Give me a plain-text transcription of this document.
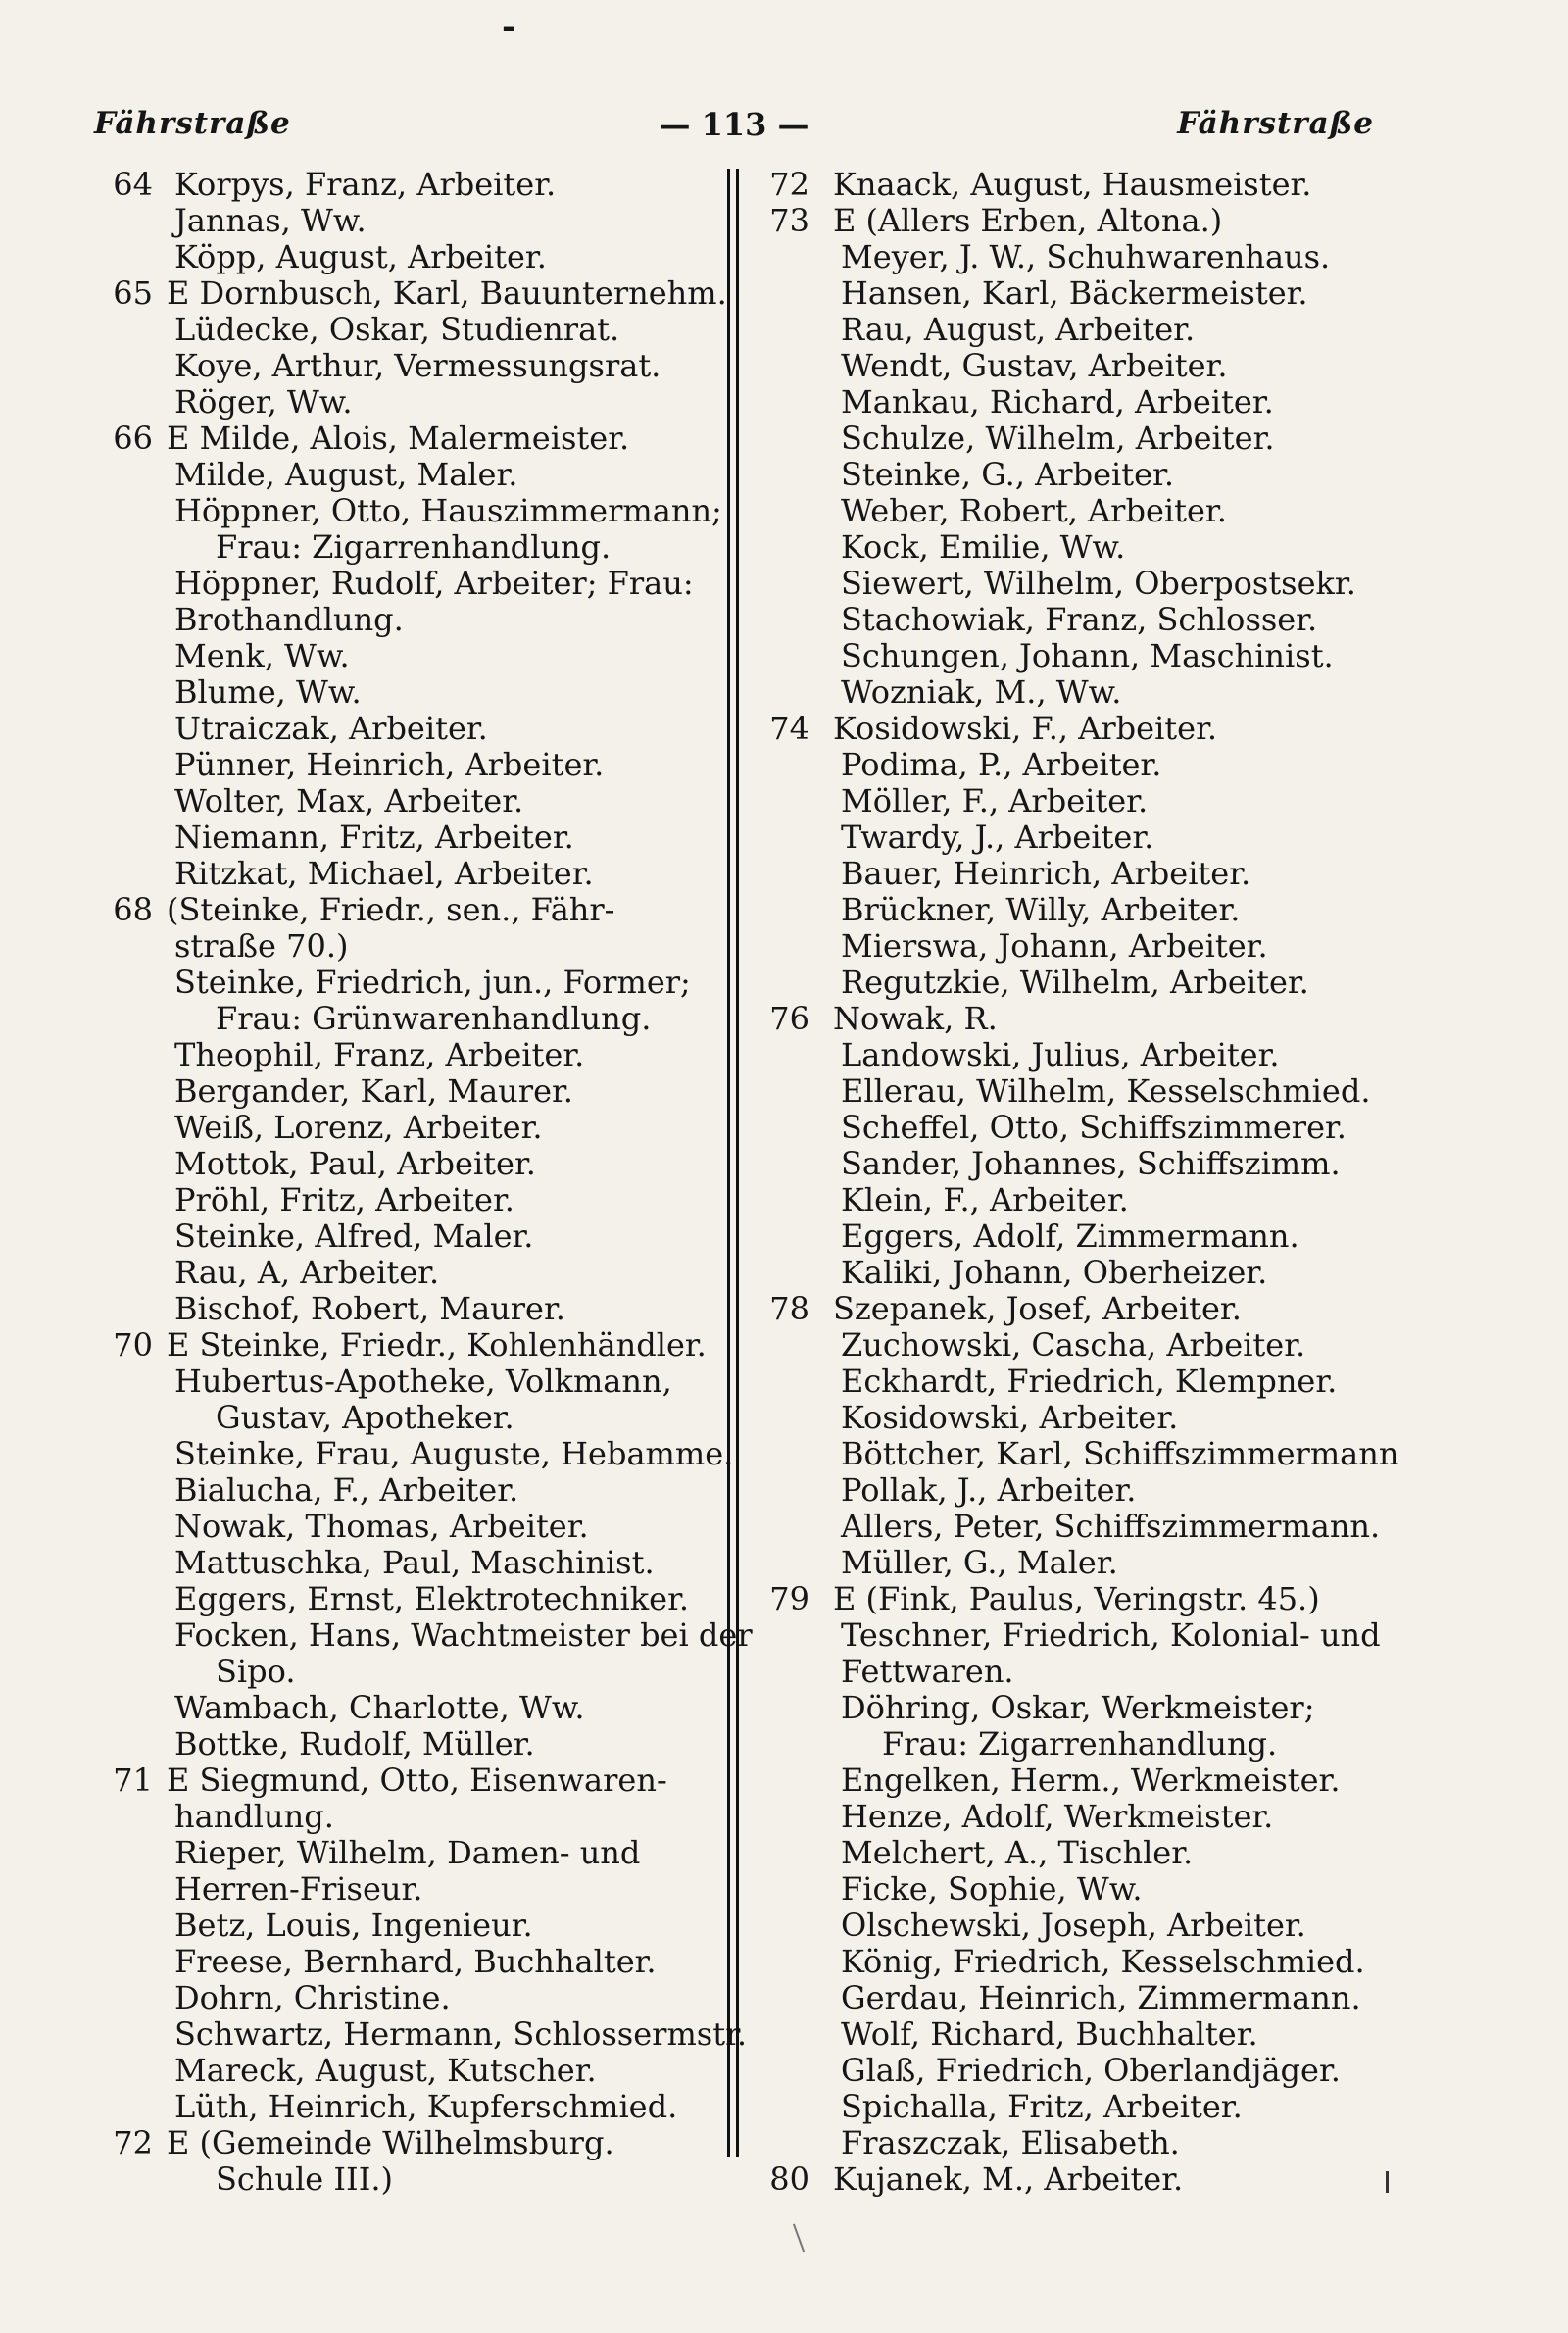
-
Fährstraße	— 113 —	Fährstraße
64 Korpys, Franz, Arbeiter.
Jannas, Ww.
Köpp, August, Arbeiter.
65 E Dornbusch, Karl, Bauunternehm.
Lüdecke, Oskar, Studienrat.
Koye, Arthur, Vermessungsrat.
Röger, Ww.
66 E Milde, Alois, Malermeister.
Milde, August, Maler.
Höppner, Otto, Hauszimmermann;
Frau: Zigarrenhandlung.
Höppner, Rudolf, Arbeiter; Frau:
Brothandlung.
Menk, Ww.
Blume, Ww.
Utraiczak, Arbeiter.
Pünner, Heinrich, Arbeiter.
Wolter, Max, Arbeiter.
Niemann, Fritz, Arbeiter.
Ritzkat, Michael, Arbeiter.
68 (Steinke, Friedr., sen., Fähr-
straße 70.)
Steinke, Friedrich, jun., Former;
Frau: Grünwarenhandlung.
Theophil, Franz, Arbeiter.
Bergander, Karl, Maurer.
Weiß, Lorenz, Arbeiter.
Mottok, Paul, Arbeiter.
Pröhl, Fritz, Arbeiter.
Steinke, Alfred, Maler.
Rau, A, Arbeiter.
Bischof, Robert, Maurer.
70 E Steinke, Friedr., Kohlenhändler.
Hubertus-Apotheke, Volkmann,
Gustav, Apotheker.
Steinke, Frau, Auguste, Hebamme.
Bialucha, F., Arbeiter.
Nowak, Thomas, Arbeiter.
Mattuschka, Paul, Maschinist.
Eggers, Ernst, Elektrotechniker.
Focken, Hans, Wachtmeister bei der
Sipo.
Wambach, Charlotte, Ww.
Bottke, Rudolf, Müller.
71 E Siegmund, Otto, Eisenwaren-
handlung.
Rieper, Wilhelm, Damen- und
Herren-Friseur.
Betz, Louis, Ingenieur.
Freese, Bernhard, Buchhalter.
Dohrn, Christine.
Schwartz, Hermann, Schlossermstr.
Mareck, August, Kutscher.
Lüth, Heinrich, Kupferschmied.
72 E (Gemeinde Wilhelmsburg.
Schule III.)
72 Knaack, August, Hausmeister.
73 E (Allers Erben, Altona.)
Meyer, J. W., Schuhwarenhaus.
Hansen, Karl, Bäckermeister.
Rau, August, Arbeiter.
Wendt, Gustav, Arbeiter.
Mankau, Richard, Arbeiter.
Schulze, Wilhelm, Arbeiter.
Steinke, G., Arbeiter.
Weber, Robert, Arbeiter.
Kock, Emilie, Ww.
Siewert, Wilhelm, Oberpostsekr.
Stachowiak, Franz, Schlosser.
Schungen, Johann, Maschinist.
Wozniak, M., Ww.
74 Kosidowski, F., Arbeiter.
Podima, P., Arbeiter.
Möller, F., Arbeiter.
Twardy, J., Arbeiter.
Bauer, Heinrich, Arbeiter.
Brückner, Willy, Arbeiter.
Mierswa, Johann, Arbeiter.
Regutzkie, Wilhelm, Arbeiter.
76 Nowak, R.
Landowski, Julius, Arbeiter.
Ellerau, Wilhelm, Kesselschmied.
Scheffel, Otto, Schiffszimmerer.
Sander, Johannes, Schiffszimm.
Klein, F., Arbeiter.
Eggers, Adolf, Zimmermann.
Kaliki, Johann, Oberheizer.
78 Szepanek, Josef, Arbeiter.
Zuchowski, Cascha, Arbeiter.
Eckhardt, Friedrich, Klempner.
Kosidowski, Arbeiter.
Böttcher, Karl, Schiffszimmermann
Pollak, J., Arbeiter.
Allers, Peter, Schiffszimmermann.
Müller, G., Maler.
79 E (Fink, Paulus, Veringstr. 45.)
Teschner, Friedrich, Kolonial- und
Fettwaren.
Döhring, Oskar, Werkmeister;
Frau: Zigarrenhandlung.
Engelken, Herm., Werkmeister.
Henze, Adolf, Werkmeister.
Melchert, A., Tischler.
Ficke, Sophie, Ww.
Olschewski, Joseph, Arbeiter.
König, Friedrich, Kesselschmied.
Gerdau, Heinrich, Zimmermann.
Wolf, Richard, Buchhalter.
Glaß, Friedrich, Oberlandjäger.
Spichalla, Fritz, Arbeiter.
Fraszczak, Elisabeth.
80 Kujanek, M., Arbeiter.
